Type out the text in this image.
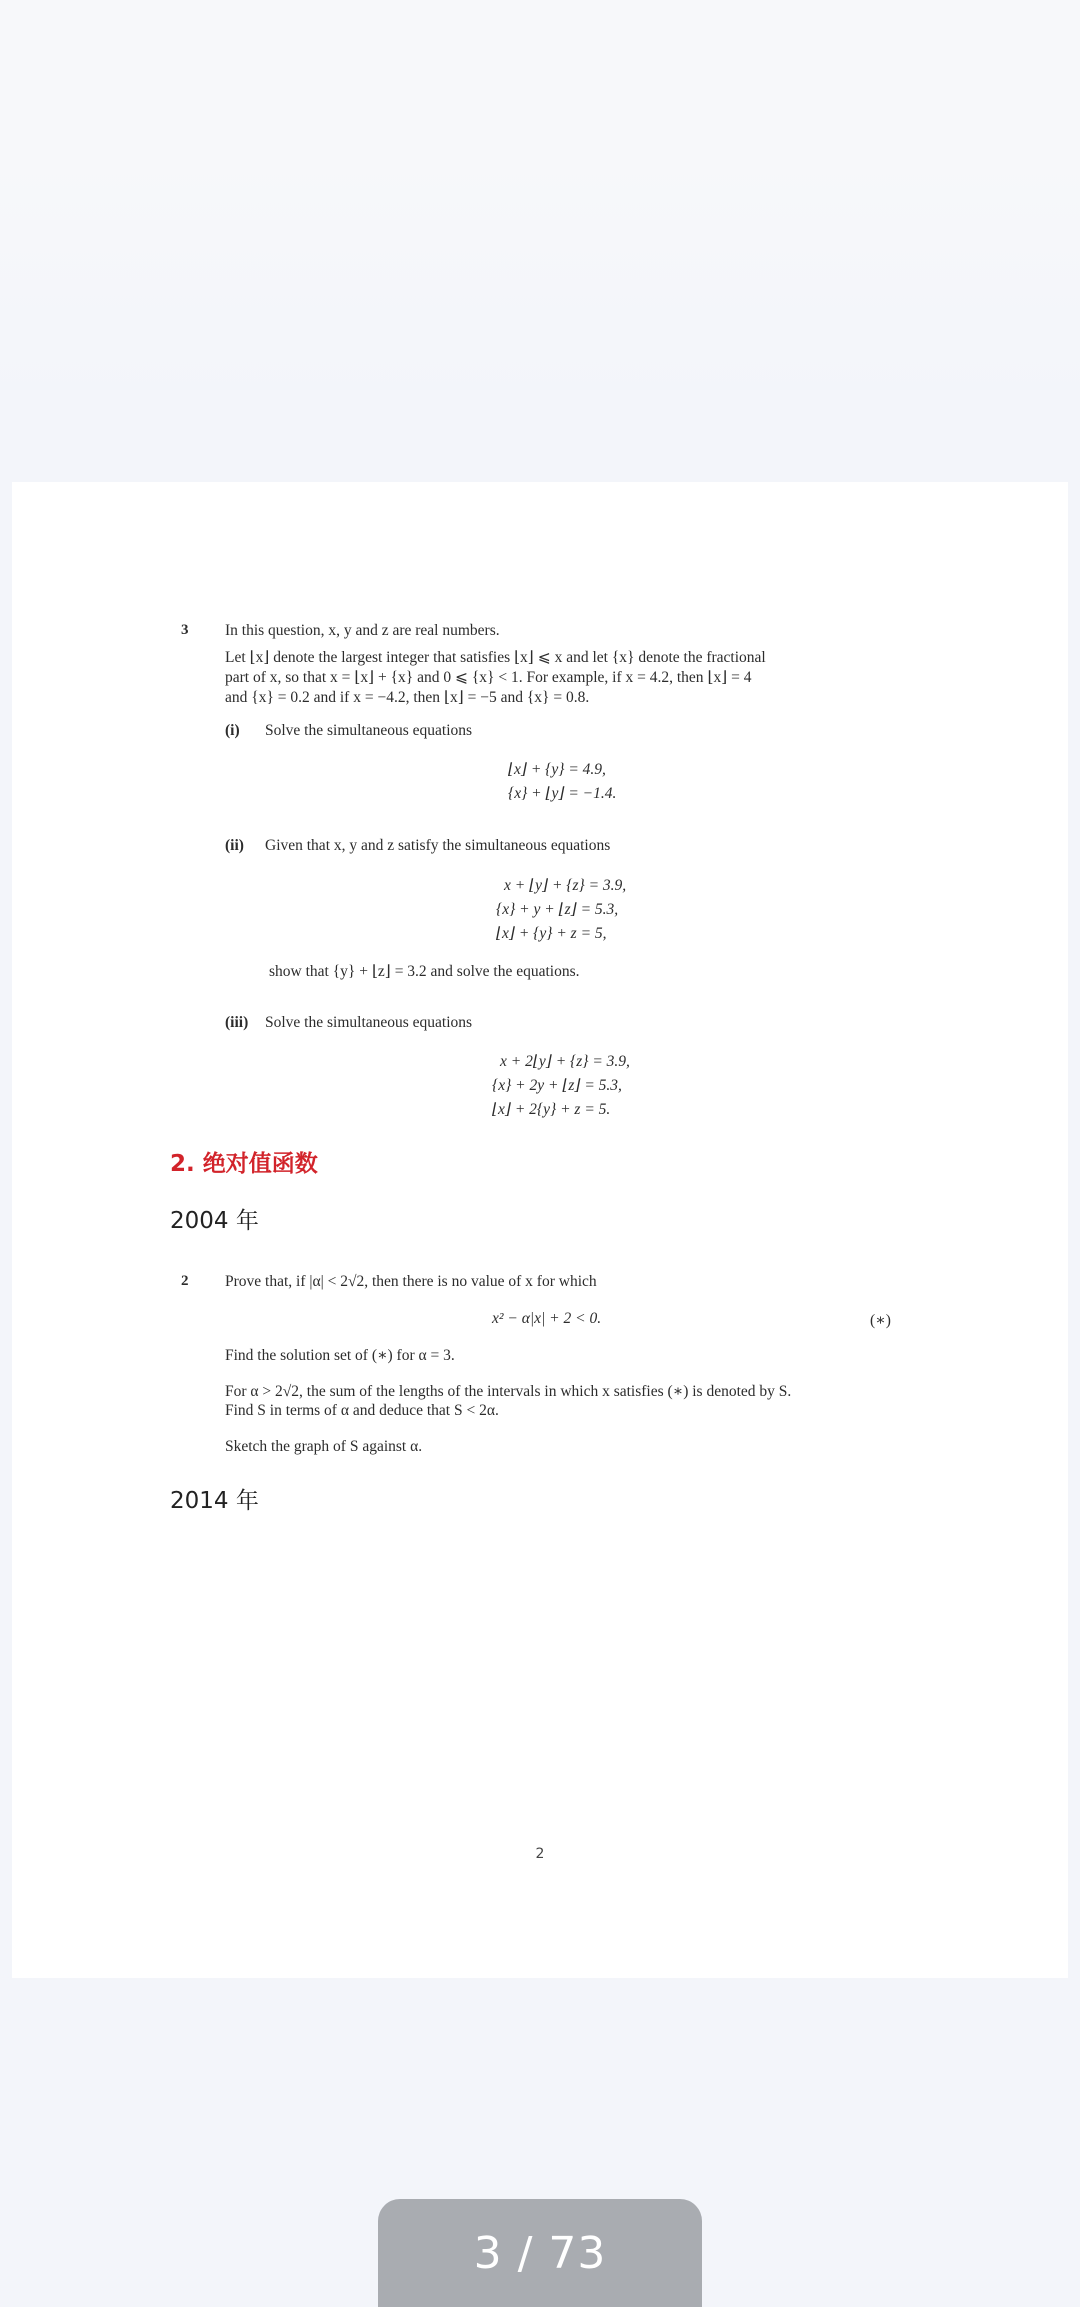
3 In this question, x, y and z are real numbers.
Let ⌊x⌋ denote the largest integer that satisfies ⌊x⌋ ⩽ x and let {x} denote the fractional
part of x, so that x = ⌊x⌋ + {x} and 0 ⩽ {x} < 1. For example, if x = 4.2, then ⌊x⌋ = 4
and {x} = 0.2 and if x = −4.2, then ⌊x⌋ = −5 and {x} = 0.8.
(i) Solve the simultaneous equations
⌊x⌋ + {y} = 4.9,
{x} + ⌊y⌋ = −1.4.
(ii) Given that x, y and z satisfy the simultaneous equations
x + ⌊y⌋ + {z} = 3.9,
{x} + y + ⌊z⌋ = 5.3,
⌊x⌋ + {y} + z = 5,
show that {y} + ⌊z⌋ = 3.2 and solve the equations.
(iii) Solve the simultaneous equations
x + 2⌊y⌋ + {z} = 3.9,
{x} + 2y + ⌊z⌋ = 5.3,
⌊x⌋ + 2{y} + z = 5.
2. 绝对值函数
2004 年
2 Prove that, if |α| < 2√2, then there is no value of x for which
x² − α|x| + 2 < 0.	(∗)
Find the solution set of (∗) for α = 3.
For α > 2√2, the sum of the lengths of the intervals in which x satisfies (∗) is denoted by S.
Find S in terms of α and deduce that S < 2α.
Sketch the graph of S against α.
2014 年
2
3 / 73
